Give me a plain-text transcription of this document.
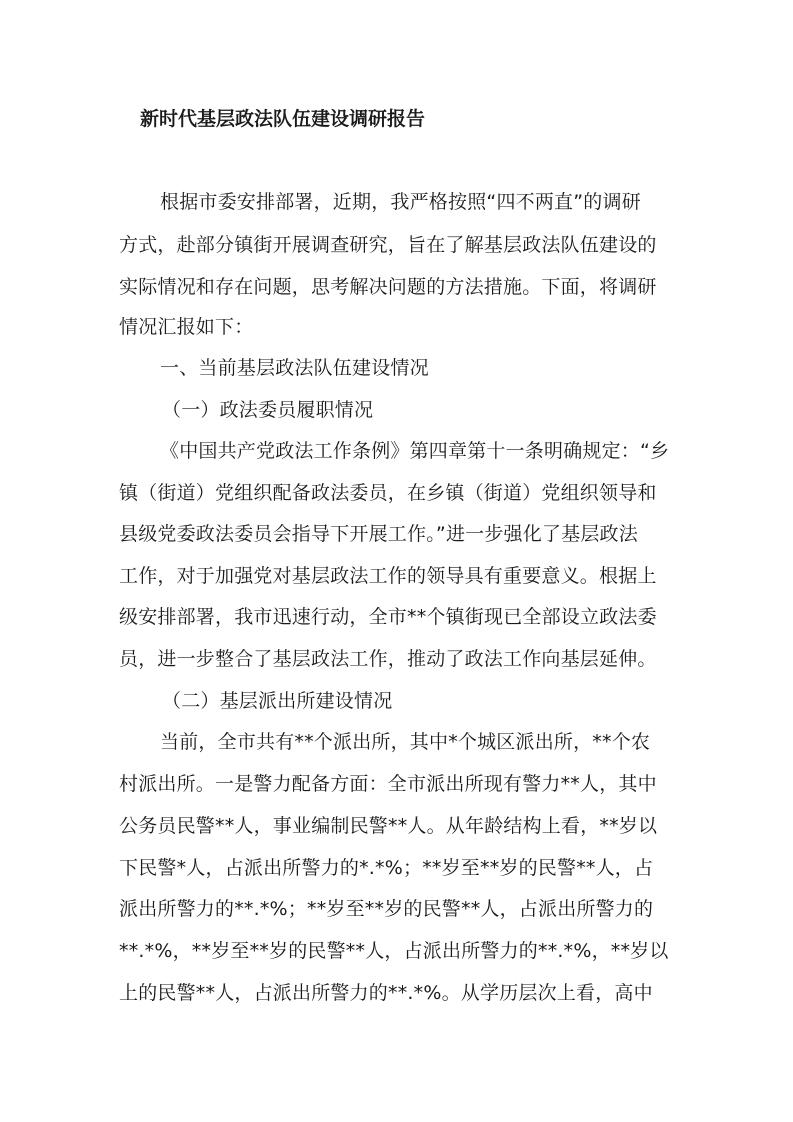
新时代基层政法队伍建设调研报告
根据市委安排部署，近期，我严格按照“四不两直”的调研
方式，赴部分镇街开展调查研究，旨在了解基层政法队伍建设的
实际情况和存在问题，思考解决问题的方法措施。下面，将调研
情况汇报如下：
一、当前基层政法队伍建设情况
（一）政法委员履职情况
《中国共产党政法工作条例》第四章第十一条明确规定：“乡
镇（街道）党组织配备政法委员，在乡镇（街道）党组织领导和
县级党委政法委员会指导下开展工作。”进一步强化了基层政法
工作，对于加强党对基层政法工作的领导具有重要意义。根据上
级安排部署，我市迅速行动，全市**个镇街现已全部设立政法委
员，进一步整合了基层政法工作，推动了政法工作向基层延伸。
（二）基层派出所建设情况
当前，全市共有**个派出所，其中*个城区派出所，**个农
村派出所。一是警力配备方面：全市派出所现有警力**人，其中
公务员民警**人，事业编制民警**人。从年龄结构上看，**岁以
下民警*人，占派出所警力的*.*%；**岁至**岁的民警**人，占
派出所警力的**.*%；**岁至**岁的民警**人，占派出所警力的
**.*%，**岁至**岁的民警**人，占派出所警力的**.*%，**岁以
上的民警**人，占派出所警力的**.*%。从学历层次上看，高中
